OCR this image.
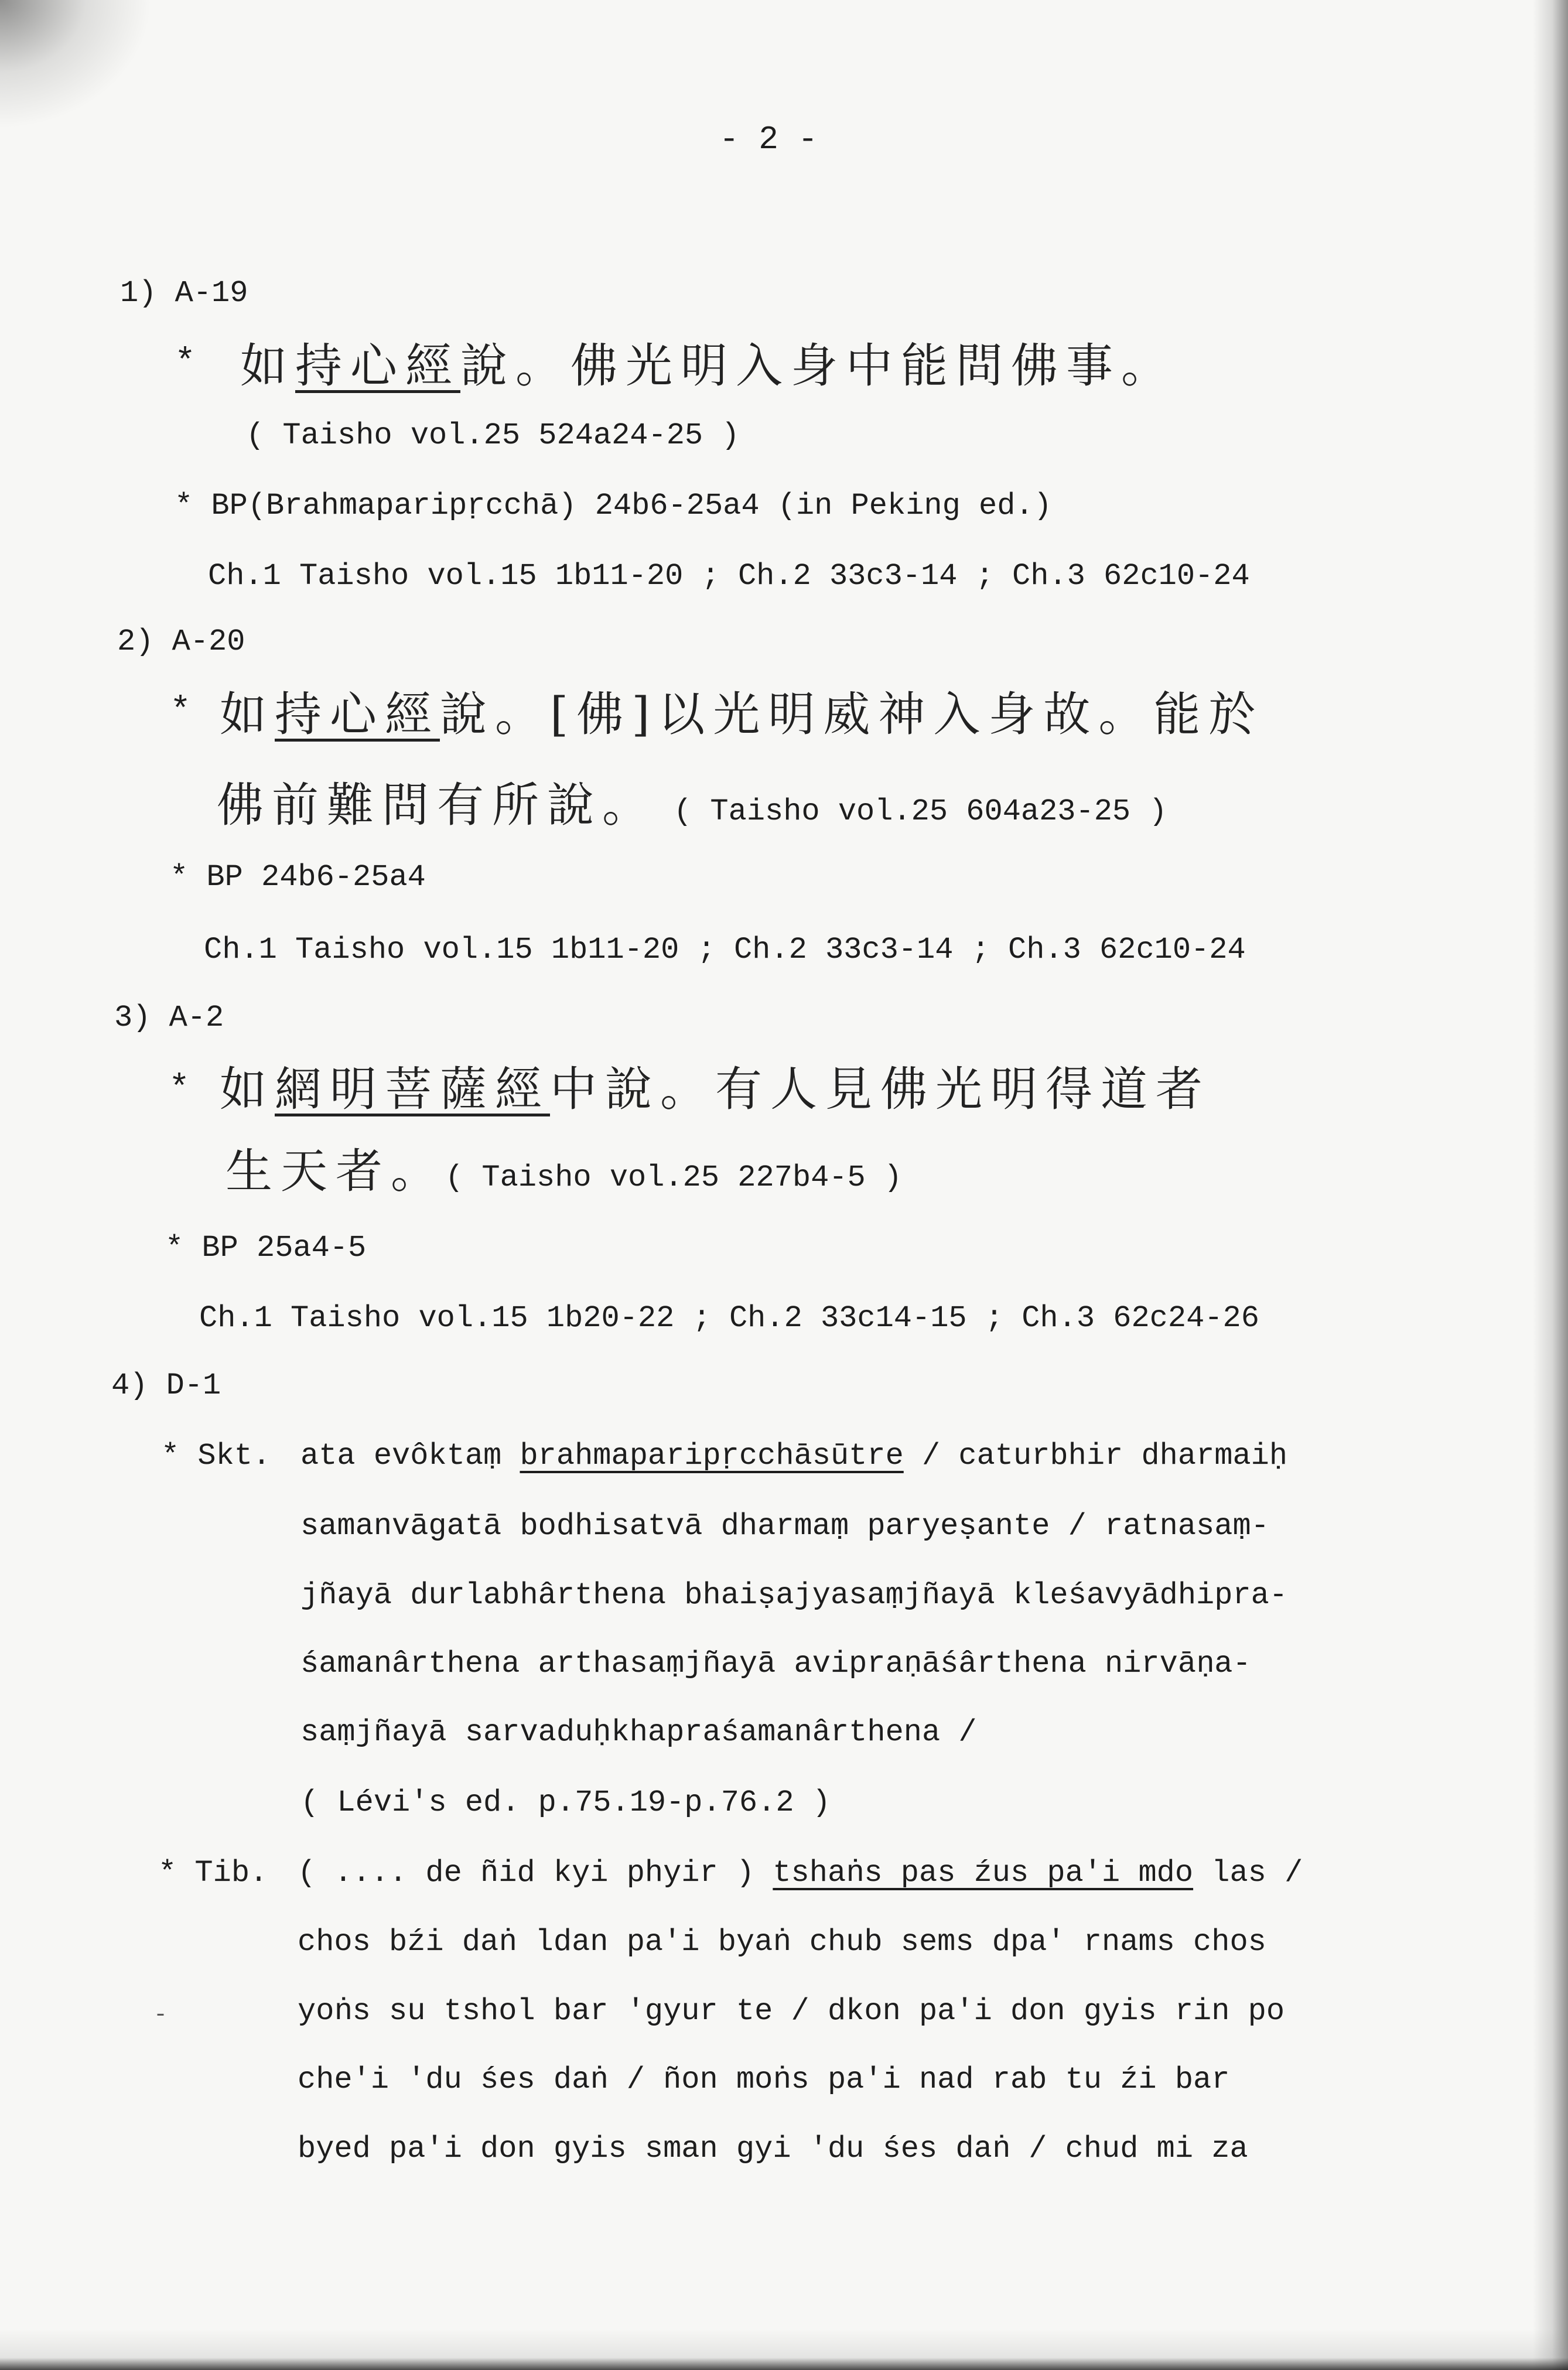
- 2 -
1) A-19
* 如持心經說。佛光明入身中能問佛事。
( Taisho vol.25 524a24-25 )
* BP(Brahmaparipṛcchā) 24b6-25a4 (in Peking ed.)
Ch.1 Taisho vol.15 1b11-20 ; Ch.2 33c3-14 ; Ch.3 62c10-24
2) A-20
* 如持心經說。[佛]以光明威神入身故。能於
佛前難問有所說。 ( Taisho vol.25 604a23-25 )
* BP 24b6-25a4
Ch.1 Taisho vol.15 1b11-20 ; Ch.2 33c3-14 ; Ch.3 62c10-24
3) A-2
* 如網明菩薩經中說。有人見佛光明得道者
生天者。 ( Taisho vol.25 227b4-5 )
* BP 25a4-5
Ch.1 Taisho vol.15 1b20-22 ; Ch.2 33c14-15 ; Ch.3 62c24-26
4) D-1
* Skt. ata evôktaṃ brahmaparipṛcchāsūtre / caturbhir dharmaiḥ
samanvāgatā bodhisatvā dharmaṃ paryeṣante / ratnasaṃ-
jñayā durlabhârthena bhaiṣajyasaṃjñayā kleśavyādhipra-
śamanârthena arthasaṃjñayā avipraṇāśârthena nirvāṇa-
saṃjñayā sarvaduḥkhapraśamanârthena /
( Lévi's ed. p.75.19-p.76.2 )
* Tib. ( .... de ñid kyi phyir ) tshaṅs pas źus pa'i mdo las /
chos bźi daṅ ldan pa'i byaṅ chub sems dpa' rnams chos
-	yoṅs su tshol bar 'gyur te / dkon pa'i don gyis rin po
che'i 'du śes daṅ / ñon moṅs pa'i nad rab tu źi bar
byed pa'i don gyis sman gyi 'du śes daṅ / chud mi za
